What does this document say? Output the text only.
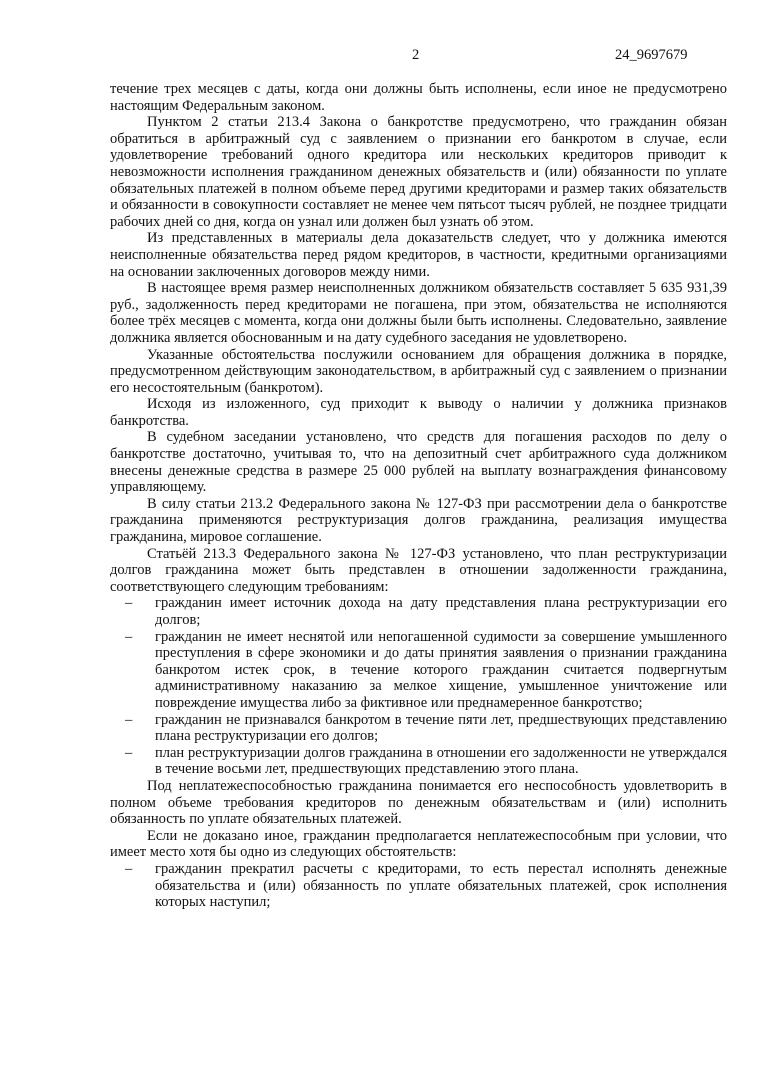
2	24_9697679

течение трех месяцев с даты, когда они должны быть исполнены, если иное не предусмотрено настоящим Федеральным законом.

Пунктом 2 статьи 213.4 Закона о банкротстве предусмотрено, что гражданин обязан обратиться в арбитражный суд с заявлением о признании его банкротом в случае, если удовлетворение требований одного кредитора или нескольких кредиторов приводит к невозможности исполнения гражданином денежных обязательств и (или) обязанности по уплате обязательных платежей в полном объеме перед другими кредиторами и размер таких обязательств и обязанности в совокупности составляет не менее чем пятьсот тысяч рублей, не позднее тридцати рабочих дней со дня, когда он узнал или должен был узнать об этом.

Из представленных в материалы дела доказательств следует, что у должника имеются неисполненные обязательства перед рядом кредиторов, в частности, кредитными организациями на основании заключенных договоров между ними.

В настоящее время размер неисполненных должником обязательств составляет 5 635 931,39 руб., задолженность перед кредиторами не погашена, при этом, обязательства не исполняются более трёх месяцев с момента, когда они должны были быть исполнены. Следовательно, заявление должника является обоснованным и на дату судебного заседания не удовлетворено.

Указанные обстоятельства послужили основанием для обращения должника в порядке, предусмотренном действующим законодательством, в арбитражный суд с заявлением о признании его несостоятельным (банкротом).

Исходя из изложенного, суд приходит к выводу о наличии у должника признаков банкротства.

В судебном заседании установлено, что средств для погашения расходов по делу о банкротстве достаточно, учитывая то, что на депозитный счет арбитражного суда должником внесены денежные средства в размере 25 000 рублей на выплату вознаграждения финансовому управляющему.

В силу статьи 213.2 Федерального закона № 127-ФЗ при рассмотрении дела о банкротстве гражданина применяются реструктуризация долгов гражданина, реализация имущества гражданина, мировое соглашение.

Статьёй 213.3 Федерального закона № 127-ФЗ установлено, что план реструктуризации долгов гражданина может быть представлен в отношении задолженности гражданина, соответствующего следующим требованиям:

– гражданин имеет источник дохода на дату представления плана реструктуризации его долгов;
– гражданин не имеет неснятой или непогашенной судимости за совершение умышленного преступления в сфере экономики и до даты принятия заявления о признании гражданина банкротом истек срок, в течение которого гражданин считается подвергнутым административному наказанию за мелкое хищение, умышленное уничтожение или повреждение имущества либо за фиктивное или преднамеренное банкротство;
– гражданин не признавался банкротом в течение пяти лет, предшествующих представлению плана реструктуризации его долгов;
– план реструктуризации долгов гражданина в отношении его задолженности не утверждался в течение восьми лет, предшествующих представлению этого плана.

Под неплатежеспособностью гражданина понимается его неспособность удовлетворить в полном объеме требования кредиторов по денежным обязательствам и (или) исполнить обязанность по уплате обязательных платежей.

Если не доказано иное, гражданин предполагается неплатежеспособным при условии, что имеет место хотя бы одно из следующих обстоятельств:

– гражданин прекратил расчеты с кредиторами, то есть перестал исполнять денежные обязательства и (или) обязанность по уплате обязательных платежей, срок исполнения которых наступил;
